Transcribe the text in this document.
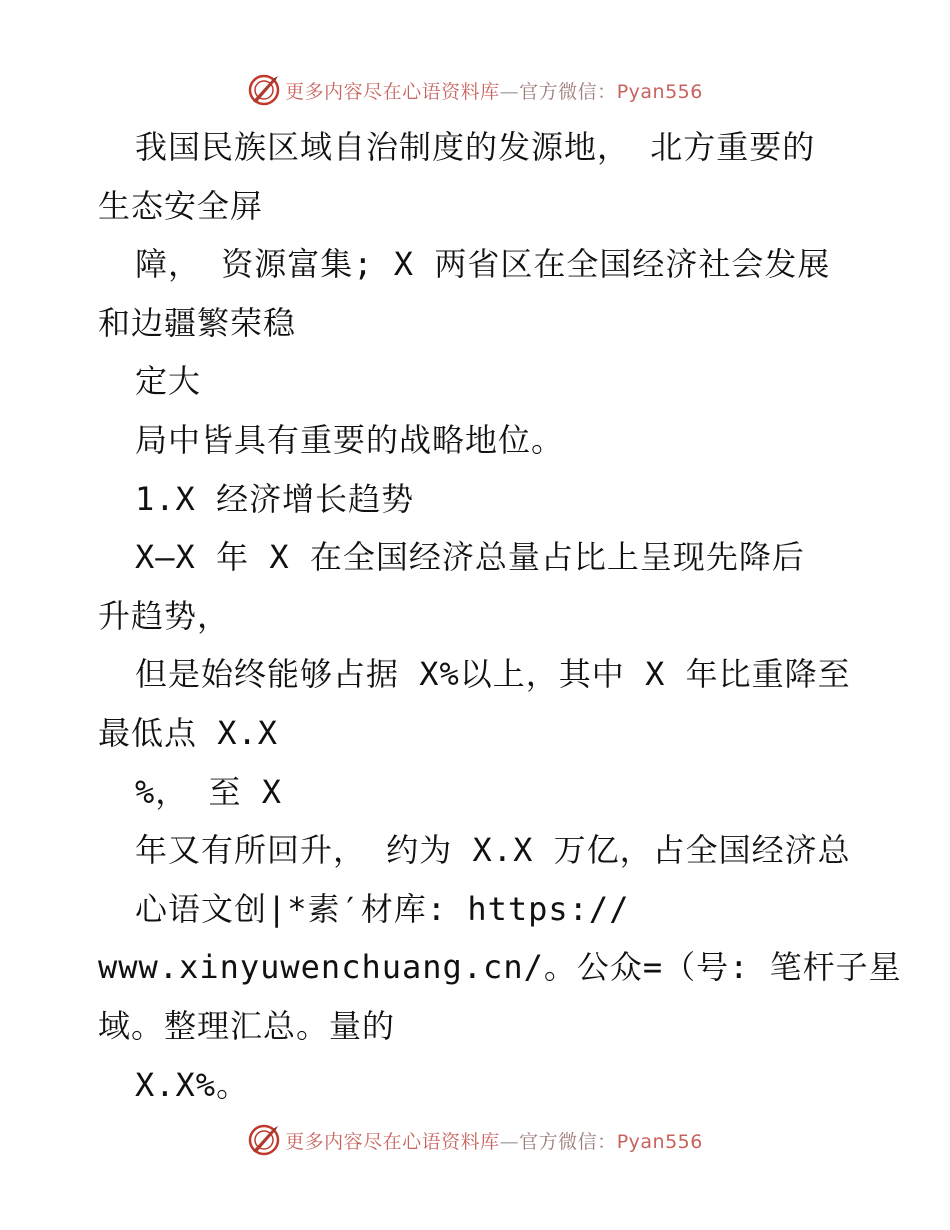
更多内容尽在心语资料库—官方微信：Pyan556
我国民族区域自治制度的发源地， 北方重要的
生态安全屏
障， 资源富集; X 两省区在全国经济社会发展
和边疆繁荣稳
定大
局中皆具有重要的战略地位。
1.X 经济增长趋势
X—X 年 X 在全国经济总量占比上呈现先降后
升趋势，
但是始终能够占据 X%以上，其中 X 年比重降至
最低点 X.X
%， 至 X
年又有所回升， 约为 X.X 万亿，占全国经济总
心语文创|*素′材库: https://
www.xinyuwenchuang.cn/。公众=（号: 笔杆子星
域。整理汇总。量的
X.X%。
更多内容尽在心语资料库—官方微信：Pyan556
